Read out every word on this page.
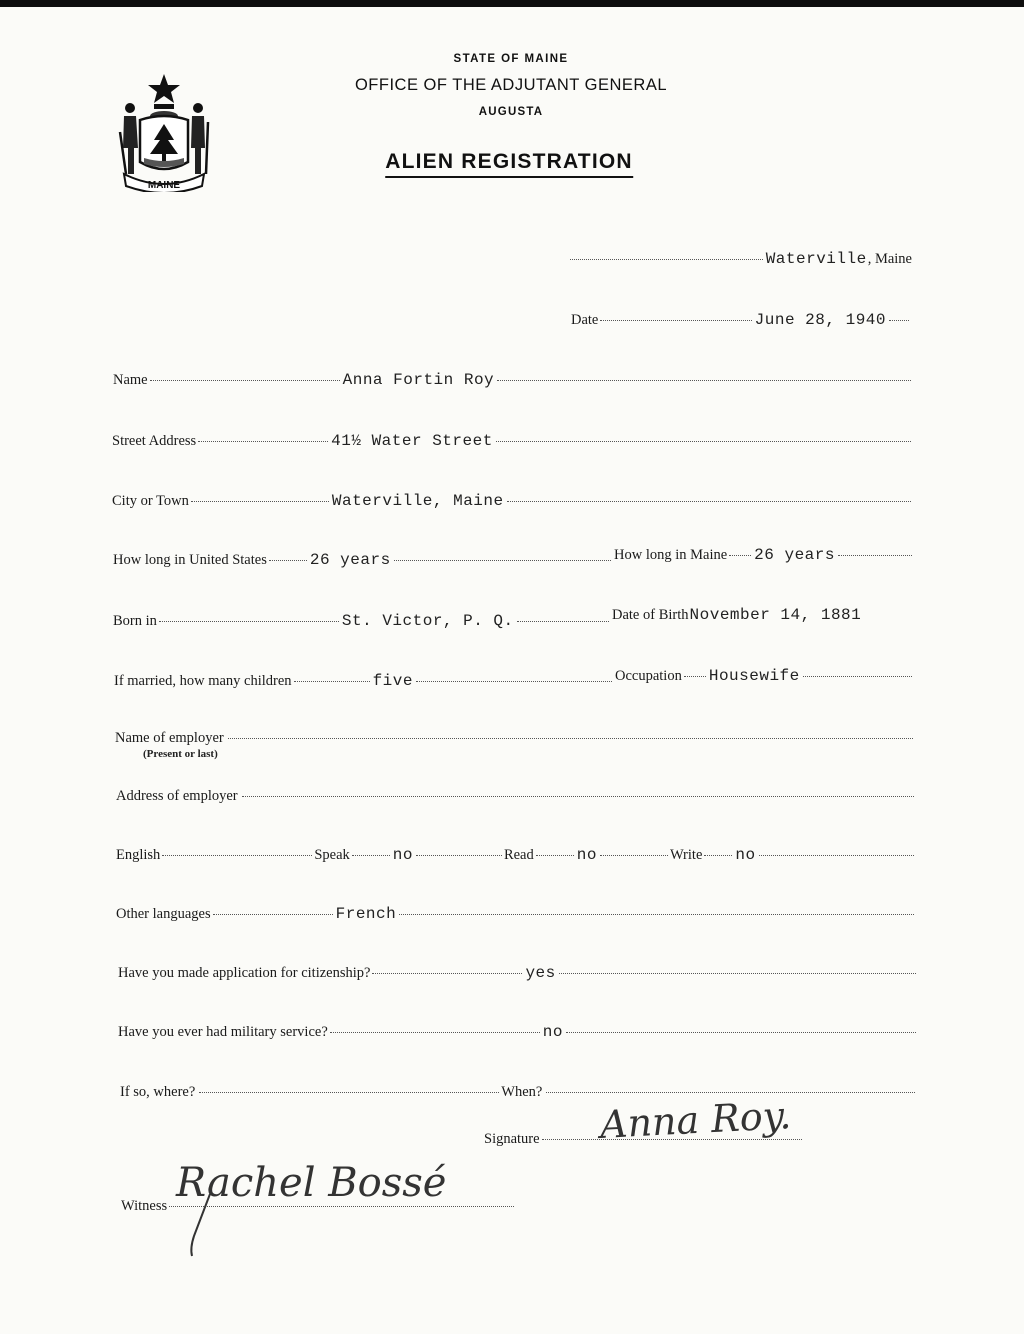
MAINE
STATE OF MAINE
OFFICE OF THE ADJUTANT GENERAL
AUGUSTA
ALIEN REGISTRATION
Waterville , Maine
Date	June 28, 1940
Name	Anna Fortin Roy
Street Address	41½ Water Street
City or Town	Waterville, Maine
How long in United States	26 years	How long in Maine 26 years
Born in	St. Victor, P. Q.	Date of Birth November 14, 1881
If married, how many children	five	Occupation Housewife
Name of employer
(Present or last)
Address of employer
English	Speak	no	Read	no	Write no
Other languages	French
Have you made application for citizenship?	yes
Have you ever had military service?	no
If so, where?	When?
Signature Anna Roy.
Witness Rachel Bossé
